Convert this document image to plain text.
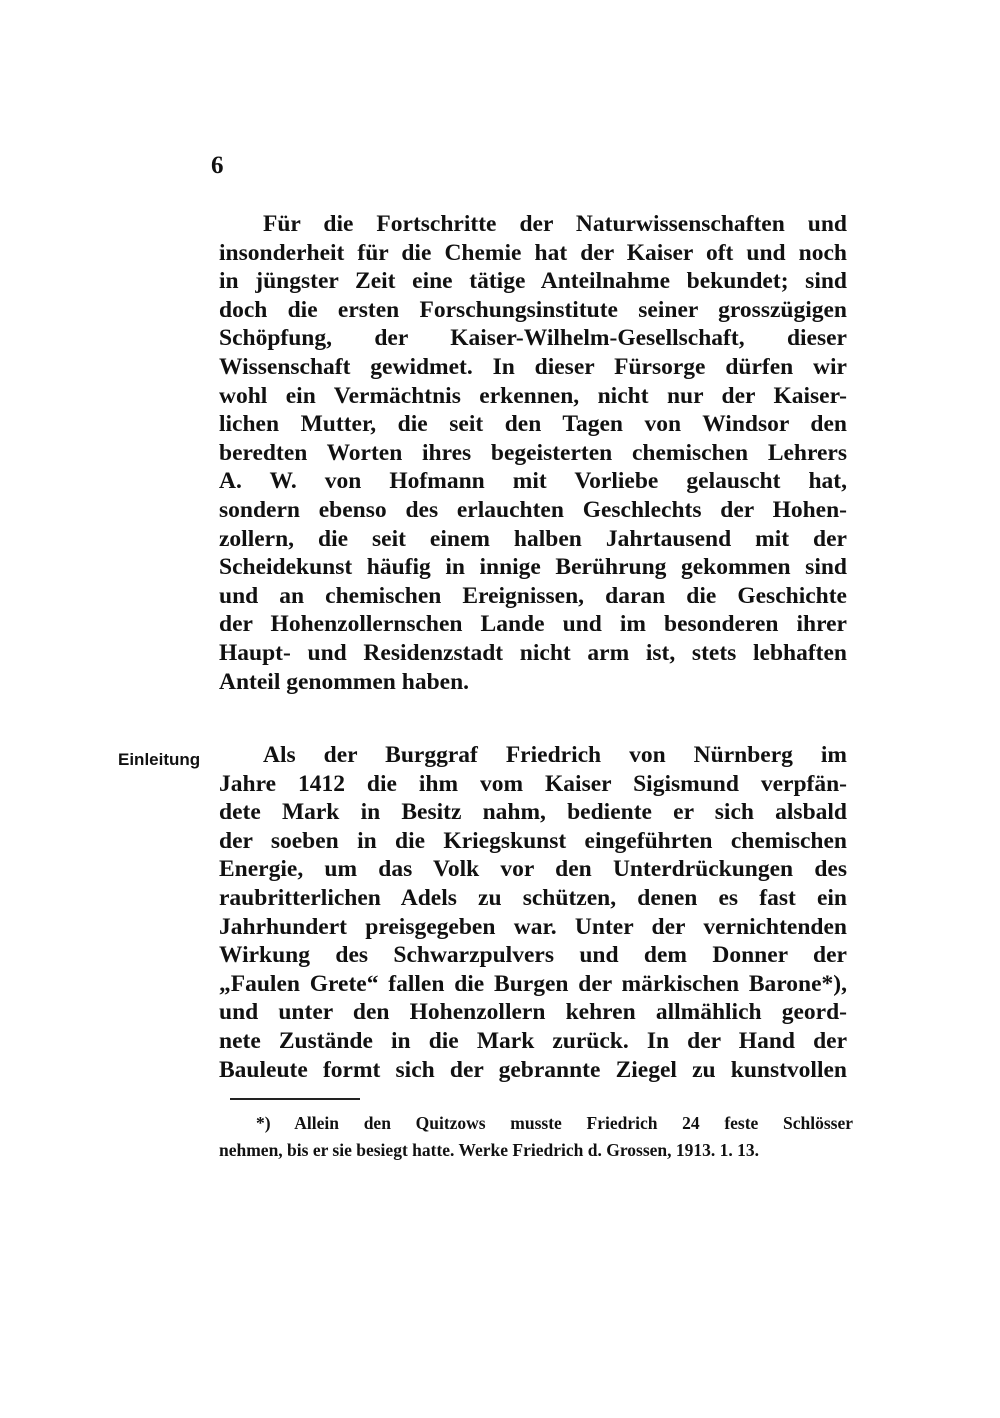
6
Für die Fortschritte der Naturwissenschaften und
insonderheit für die Chemie hat der Kaiser oft und noch
in jüngster Zeit eine tätige Anteilnahme bekundet; sind
doch die ersten Forschungsinstitute seiner grosszügigen
Schöpfung, der Kaiser-Wilhelm-Gesellschaft, dieser
Wissenschaft gewidmet. In dieser Fürsorge dürfen wir
wohl ein Vermächtnis erkennen, nicht nur der Kaiser-
lichen Mutter, die seit den Tagen von Windsor den
beredten Worten ihres begeisterten chemischen Lehrers
A. W. von Hofmann mit Vorliebe gelauscht hat,
sondern ebenso des erlauchten Geschlechts der Hohen-
zollern, die seit einem halben Jahrtausend mit der
Scheidekunst häufig in innige Berührung gekommen sind
und an chemischen Ereignissen, daran die Geschichte
der Hohenzollernschen Lande und im besonderen ihrer
Haupt- und Residenzstadt nicht arm ist, stets lebhaften
Anteil genommen haben.
Einleitung	Als der Burggraf Friedrich von Nürnberg im
Jahre 1412 die ihm vom Kaiser Sigismund verpfän-
dete Mark in Besitz nahm, bediente er sich alsbald
der soeben in die Kriegskunst eingeführten chemischen
Energie, um das Volk vor den Unterdrückungen des
raubritterlichen Adels zu schützen, denen es fast ein
Jahrhundert preisgegeben war. Unter der vernichtenden
Wirkung des Schwarzpulvers und dem Donner der
„Faulen Grete“ fallen die Burgen der märkischen Barone*),
und unter den Hohenzollern kehren allmählich geord-
nete Zustände in die Mark zurück. In der Hand der
Bauleute formt sich der gebrannte Ziegel zu kunstvollen
*) Allein den Quitzows musste Friedrich 24 feste Schlösser
nehmen, bis er sie besiegt hatte. Werke Friedrich d. Grossen, 1913. 1. 13.
